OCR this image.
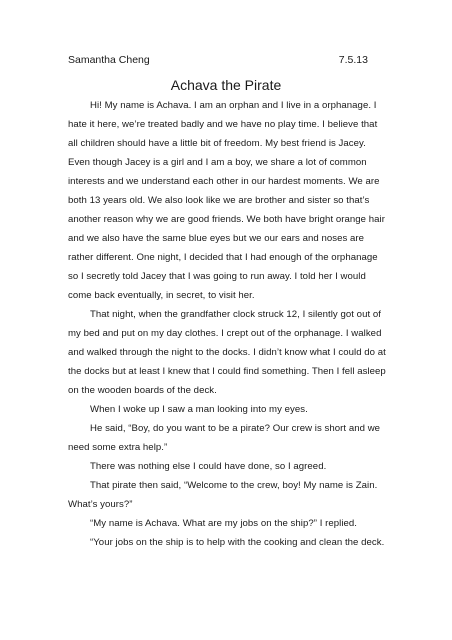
Samantha Cheng	7.5.13
Achava the Pirate

Hi! My name is Achava. I am an orphan and I live in a orphanage. I hate it here, we’re treated badly and we have no play time. I believe that all children should have a little bit of freedom. My best friend is Jacey. Even though Jacey is a girl and I am a boy, we share a lot of common interests and we understand each other in our hardest moments. We are both 13 years old. We also look like we are brother and sister so that’s another reason why we are good friends. We both have bright orange hair and we also have the same blue eyes but we our ears and noses are rather different. One night, I decided that I had enough of the orphanage so I secretly told Jacey that I was going to run away. I told her I would come back eventually, in secret, to visit her.

That night, when the grandfather clock struck 12, I silently got out of my bed and put on my day clothes. I crept out of the orphanage. I walked and walked through the night to the docks. I didn’t know what I could do at the docks but at least I knew that I could find something. Then I fell asleep on the wooden boards of the deck.

When I woke up I saw a man looking into my eyes.

He said, “Boy, do you want to be a pirate? Our crew is short and we need some extra help.”

There was nothing else I could have done, so I agreed.

That pirate then said, “Welcome to the crew, boy! My name is Zain. What’s yours?”

“My name is Achava. What are my jobs on the ship?” I replied.

“Your jobs on the ship is to help with the cooking and clean the deck.
